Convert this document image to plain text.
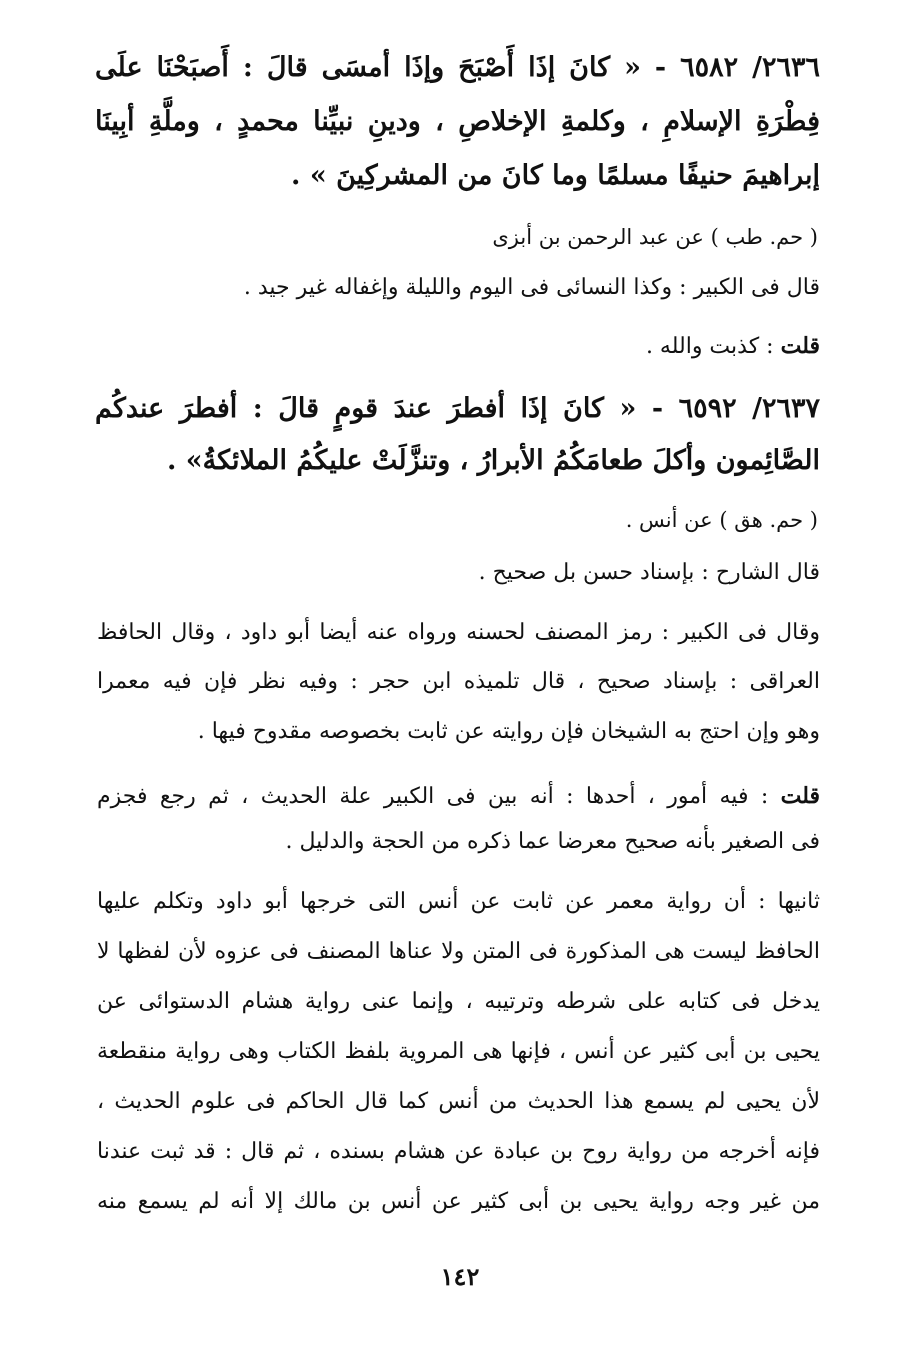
٢٦٣٦/ ٦٥٨٢ - « كانَ إذَا أَصْبَحَ وإذَا أمسَى قالَ : أَصبَحْنَا علَى
فِطْرَةِ الإسلامِ ، وكلمةِ الإخلاصِ ، ودينِ نبيِّنا محمدٍ ، وملَّةِ أبِينَا
إبراهيمَ حنيفًا مسلمًا وما كانَ من المشركِينَ » .
( حم. طب ) عن عبد الرحمن بن أبزى
قال فى الكبير : وكذا النسائى فى اليوم والليلة وإغفاله غير جيد .
قلت : كذبت والله .
٢٦٣٧/ ٦٥٩٢ - « كانَ إذَا أفطرَ عندَ قومٍ قالَ : أفطرَ عندكُم
الصَّائِمون وأكلَ طعامَكُمُ الأبرارُ ، وتنزَّلَتْ عليكُمُ الملائكةُ» .
( حم. هق ) عن أنس .
قال الشارح : بإسناد حسن بل صحيح .
وقال فى الكبير : رمز المصنف لحسنه ورواه عنه أيضا أبو داود ، وقال الحافظ
العراقى : بإسناد صحيح ، قال تلميذه ابن حجر : وفيه نظر فإن فيه معمرا
وهو وإن احتج به الشيخان فإن روايته عن ثابت بخصوصه مقدوح فيها .
قلت : فيه أمور ، أحدها : أنه بين فى الكبير علة الحديث ، ثم رجع فجزم
فى الصغير بأنه صحيح معرضا عما ذكره من الحجة والدليل .
ثانيها : أن رواية معمر عن ثابت عن أنس التى خرجها أبو داود وتكلم عليها
الحافظ ليست هى المذكورة فى المتن ولا عناها المصنف فى عزوه لأن لفظها لا
يدخل فى كتابه على شرطه وترتيبه ، وإنما عنى رواية هشام الدستوائى عن
يحيى بن أبى كثير عن أنس ، فإنها هى المروية بلفظ الكتاب وهى رواية منقطعة
لأن يحيى لم يسمع هذا الحديث من أنس كما قال الحاكم فى علوم الحديث ،
فإنه أخرجه من رواية روح بن عبادة عن هشام بسنده ، ثم قال : قد ثبت عندنا
من غير وجه رواية يحيى بن أبى كثير عن أنس بن مالك إلا أنه لم يسمع منه
١٤٢
